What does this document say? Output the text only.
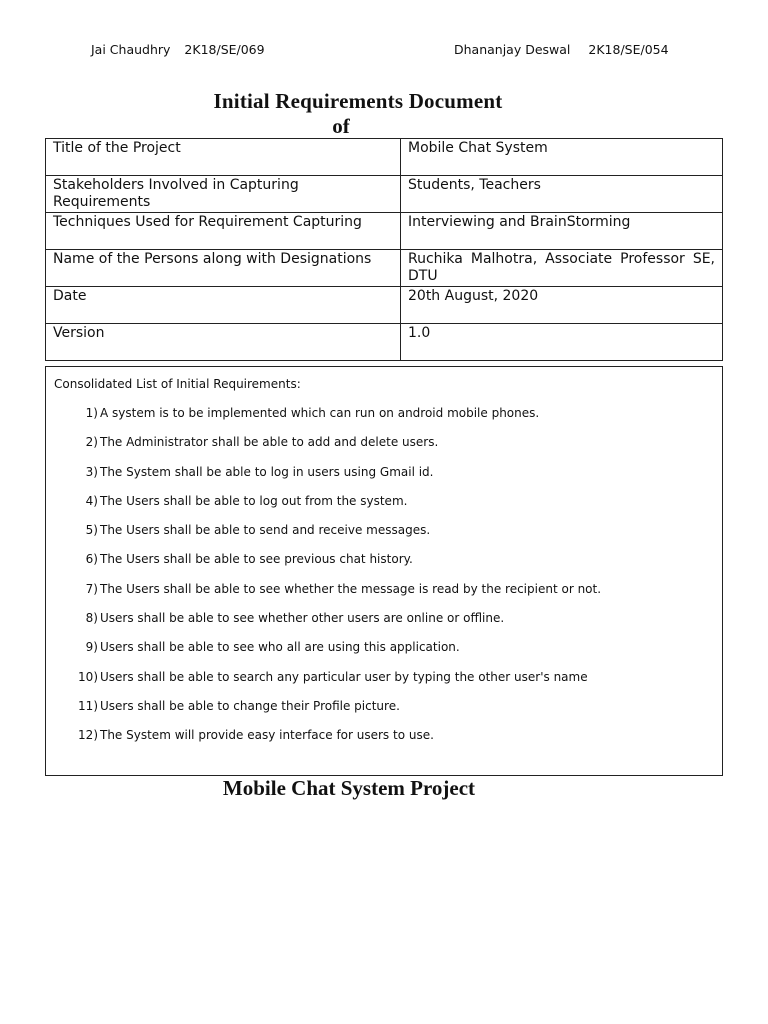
Jai Chaudhry 2K18/SE/069	Dhananjay Deswal 2K18/SE/054
Initial Requirements Document
of
Title of the Project	Mobile Chat System
Stakeholders Involved in Capturing Requirements	Students, Teachers
Techniques Used for Requirement Capturing	Interviewing and BrainStorming
Name of the Persons along with Designations	Ruchika Malhotra, Associate Professor SE, DTU
Date	20th August, 2020
Version	1.0
Consolidated List of Initial Requirements:
1) A system is to be implemented which can run on android mobile phones.
2) The Administrator shall be able to add and delete users.
3) The System shall be able to log in users using Gmail id.
4) The Users shall be able to log out from the system.
5) The Users shall be able to send and receive messages.
6) The Users shall be able to see previous chat history.
7) The Users shall be able to see whether the message is read by the recipient or not.
8) Users shall be able to see whether other users are online or offline.
9) Users shall be able to see who all are using this application.
10) Users shall be able to search any particular user by typing the other user's name
11) Users shall be able to change their Profile picture.
12) The System will provide easy interface for users to use.
Mobile Chat System Project
